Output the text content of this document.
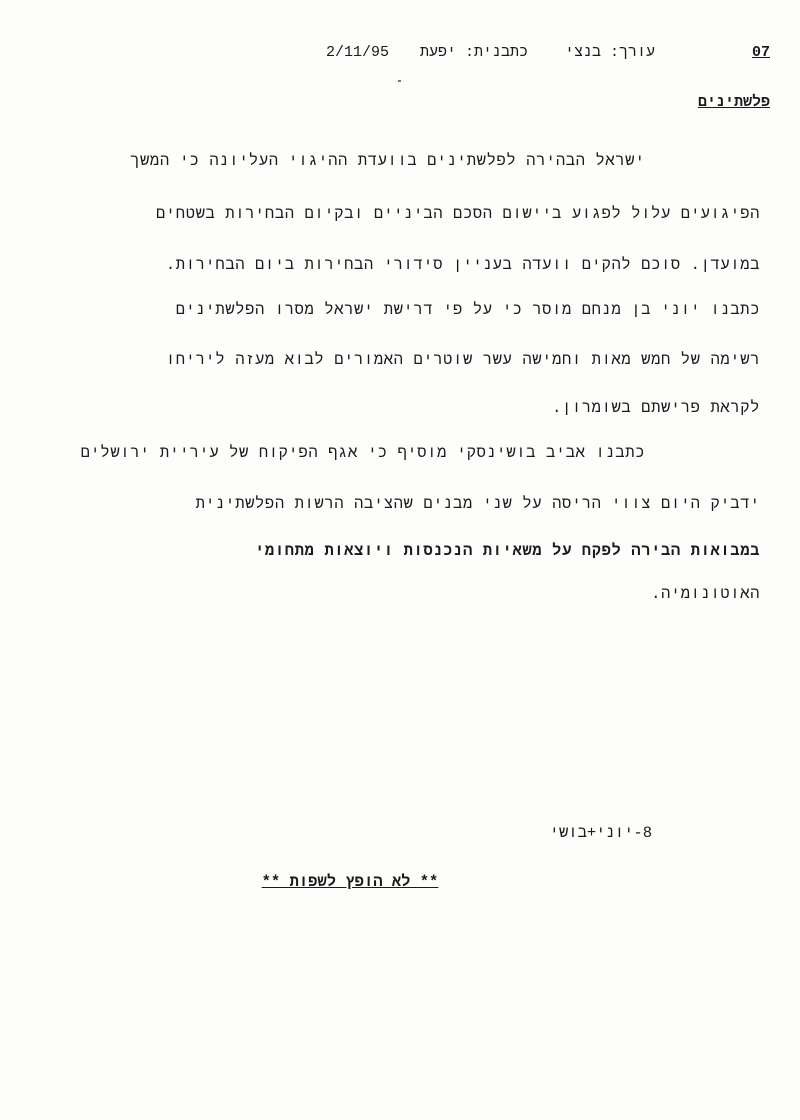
07
עורך: בנצי
כתבנית: יפעת
2/11/95
פלשתינים
ישראל הבהירה לפלשתינים בוועדת ההיגוי העליונה כי המשך
הפיגועים עלול לפגוע ביישום הסכם הביניים ובקיום הבחירות בשטחים
במועדן. סוכם להקים וועדה בעניין סידורי הבחירות ביום הבחירות.
כתבנו יוני בן מנחם מוסר כי על פי דרישת ישראל מסרו הפלשתינים
רשימה של חמש מאות וחמישה עשר שוטרים האמורים לבוא מעזה ליריחו
לקראת פרישתם בשומרון.
כתבנו אביב בושינסקי מוסיף כי אגף הפיקוח של עיריית ירושלים
ידביק היום צווי הריסה על שני מבנים שהציבה הרשות הפלשתינית
במבואות הבירה לפקח על משאיות הנכנסות ויוצאות מתחומי
האוטונומיה.
8-יוני+בושי
** לא הופץ לשפות **
